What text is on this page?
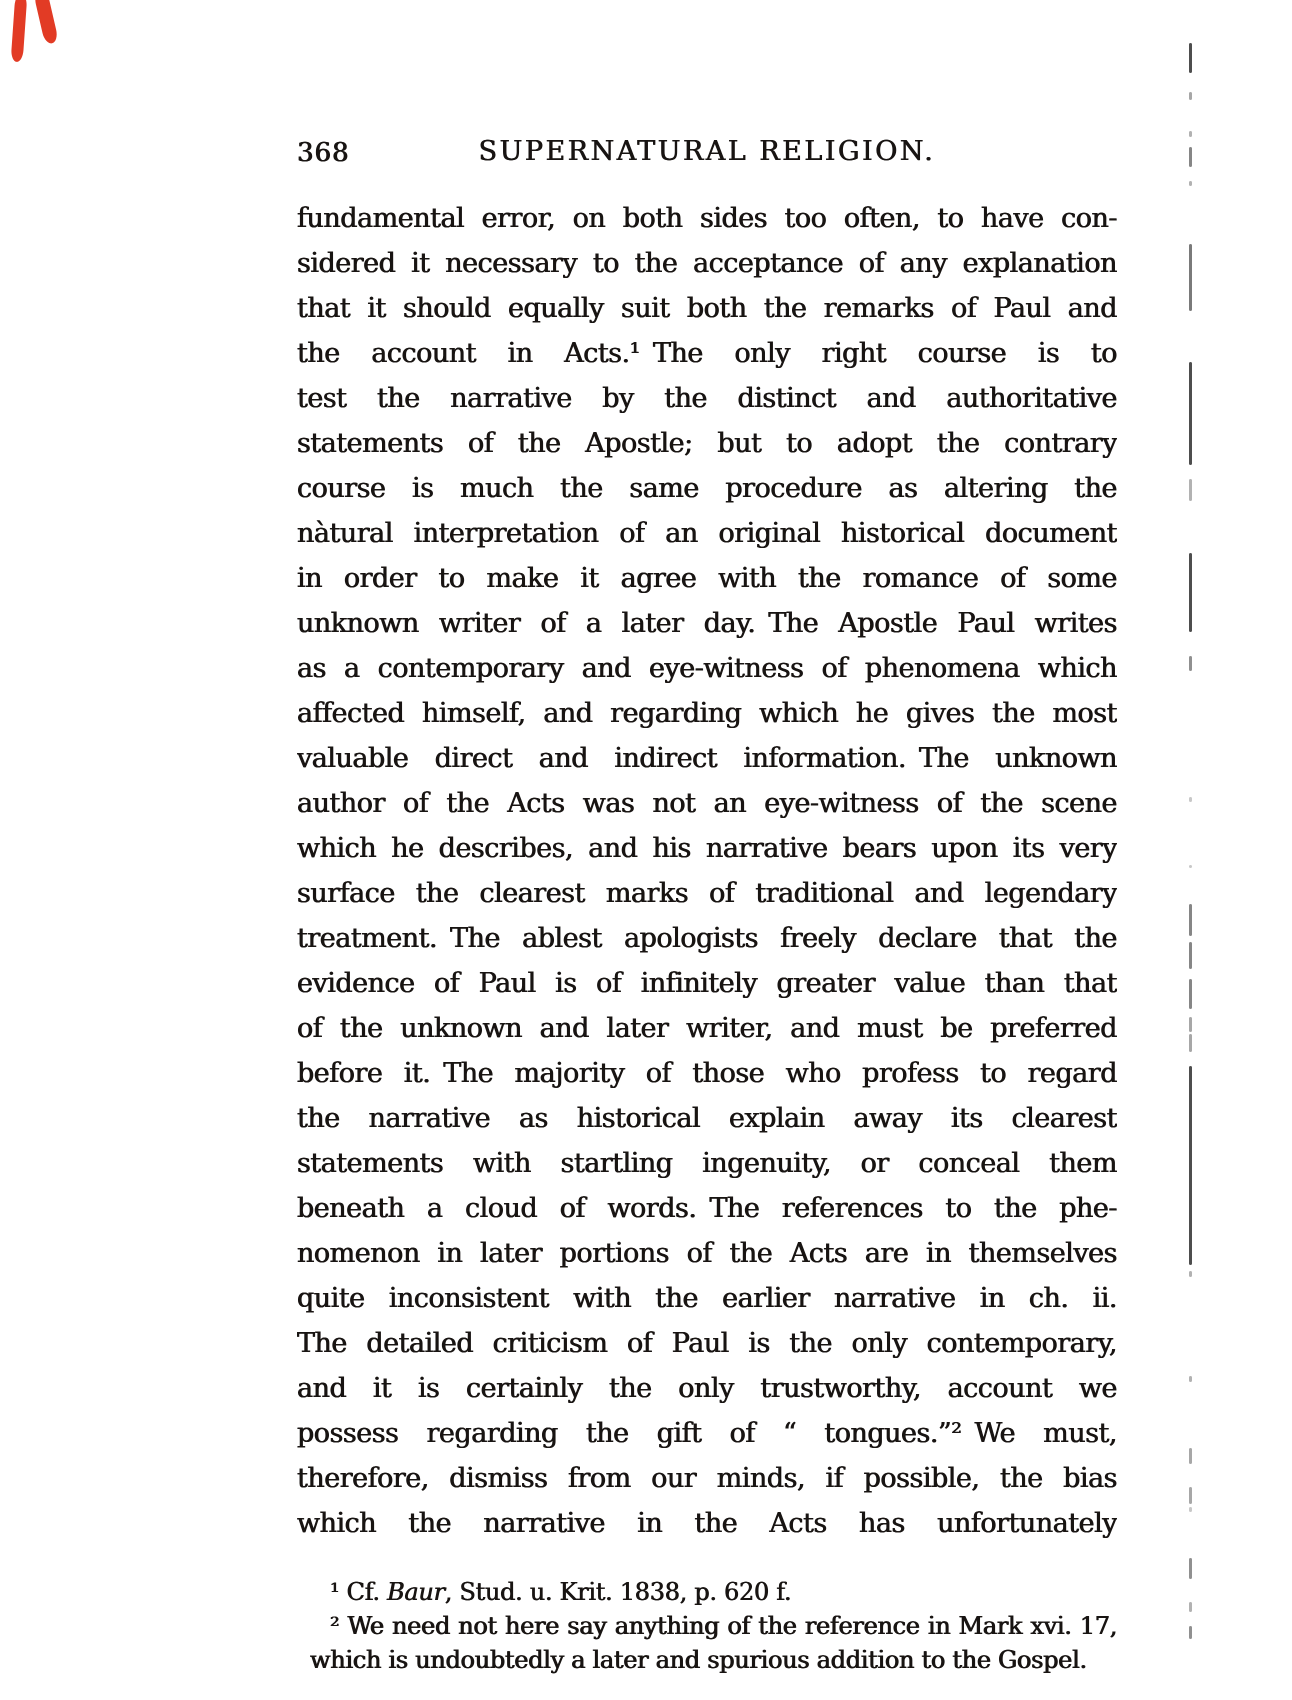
368	SUPERNATURAL RELIGION.
fundamental error, on both sides too often, to have con-
sidered it necessary to the acceptance of any explanation
that it should equally suit both the remarks of Paul and
the account in Acts.¹ The only right course is to
test the narrative by the distinct and authoritative
statements of the Apostle; but to adopt the contrary
course is much the same procedure as altering the
nàtural interpretation of an original historical document
in order to make it agree with the romance of some
unknown writer of a later day. The Apostle Paul writes
as a contemporary and eye-witness of phenomena which
affected himself, and regarding which he gives the most
valuable direct and indirect information. The unknown
author of the Acts was not an eye-witness of the scene
which he describes, and his narrative bears upon its very
surface the clearest marks of traditional and legendary
treatment. The ablest apologists freely declare that the
evidence of Paul is of infinitely greater value than that
of the unknown and later writer, and must be preferred
before it. The majority of those who profess to regard
the narrative as historical explain away its clearest
statements with startling ingenuity, or conceal them
beneath a cloud of words. The references to the phe-
nomenon in later portions of the Acts are in themselves
quite inconsistent with the earlier narrative in ch. ii.
The detailed criticism of Paul is the only contemporary,
and it is certainly the only trustworthy, account we
possess regarding the gift of “ tongues.”² We must,
therefore, dismiss from our minds, if possible, the bias
which the narrative in the Acts has unfortunately
¹ Cf. Baur, Stud. u. Krit. 1838, p. 620 f.
² We need not here say anything of the reference in Mark xvi. 17,
which is undoubtedly a later and spurious addition to the Gospel.
